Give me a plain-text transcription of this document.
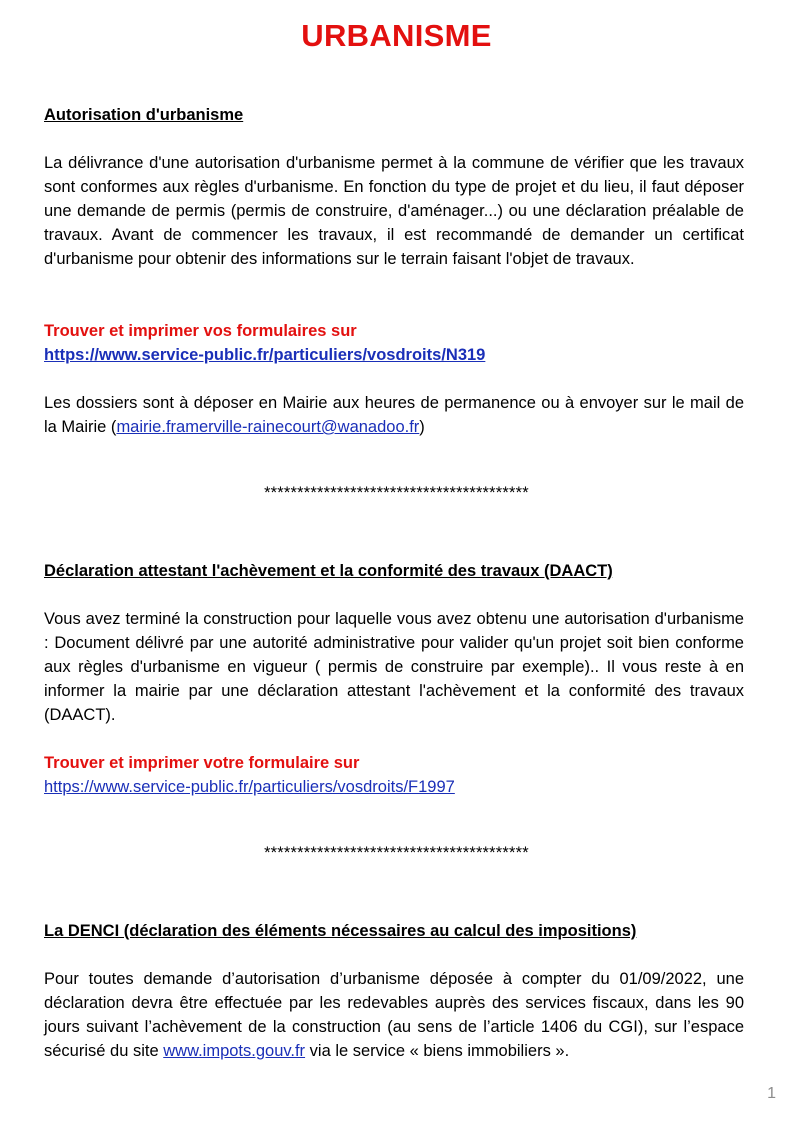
URBANISME
Autorisation d'urbanisme
La délivrance d'une autorisation d'urbanisme permet à la commune de vérifier que les travaux sont conformes aux règles d'urbanisme. En fonction du type de projet et du lieu, il faut déposer une demande de permis (permis de construire, d'aménager...) ou une déclaration préalable de travaux. Avant de commencer les travaux, il est recommandé de demander un certificat d'urbanisme pour obtenir des informations sur le terrain faisant l'objet de travaux.
Trouver et imprimer vos formulaires sur
https://www.service-public.fr/particuliers/vosdroits/N319
Les dossiers sont à déposer en Mairie aux heures de permanence ou à envoyer sur le mail de la Mairie (mairie.framerville-rainecourt@wanadoo.fr)
****************************************
Déclaration attestant l'achèvement et la conformité des travaux (DAACT)
Vous avez terminé la construction pour laquelle vous avez obtenu une autorisation d'urbanisme : Document délivré par une autorité administrative pour valider qu'un projet soit bien conforme aux règles d'urbanisme en vigueur ( permis de construire par exemple).. Il vous reste à en informer la mairie par une déclaration attestant l'achèvement et la conformité des travaux (DAACT).
Trouver et imprimer votre formulaire sur
https://www.service-public.fr/particuliers/vosdroits/F1997
****************************************
La DENCI (déclaration des éléments nécessaires au calcul des impositions)
Pour toutes demande d’autorisation d’urbanisme déposée à compter du 01/09/2022, une déclaration devra être effectuée par les redevables auprès des services fiscaux, dans les 90 jours suivant l’achèvement de la construction (au sens de l’article 1406 du CGI), sur l’espace sécurisé du site www.impots.gouv.fr via le service « biens immobiliers ».
1
